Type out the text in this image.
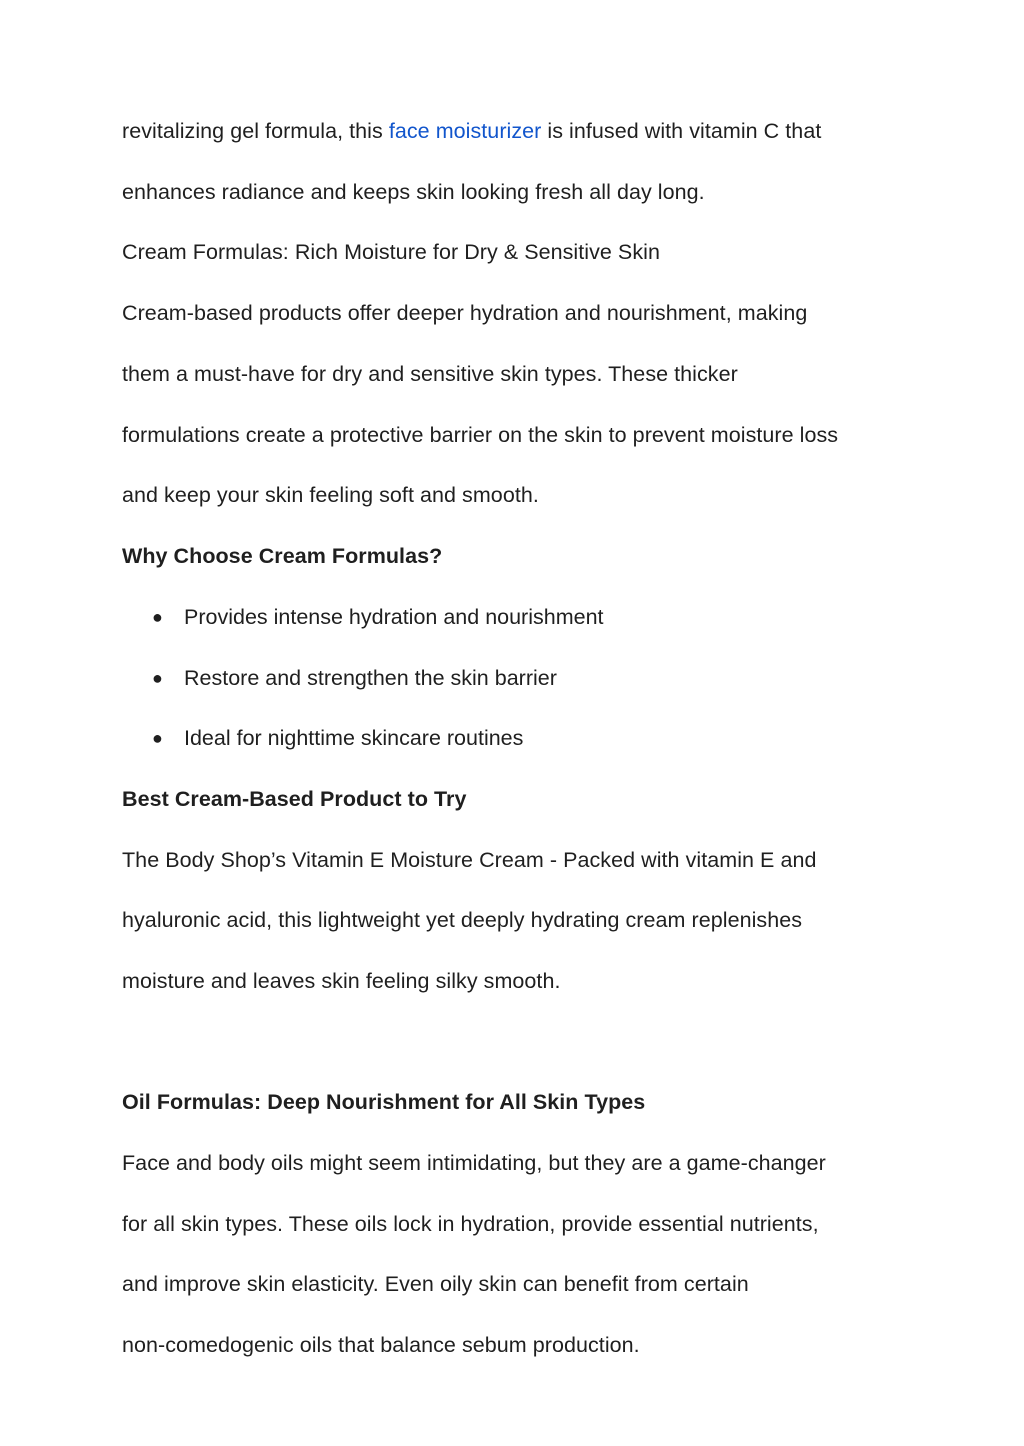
revitalizing gel formula, this face moisturizer is infused with vitamin C that
enhances radiance and keeps skin looking fresh all day long.
Cream Formulas: Rich Moisture for Dry & Sensitive Skin
Cream-based products offer deeper hydration and nourishment, making
them a must-have for dry and sensitive skin types. These thicker
formulations create a protective barrier on the skin to prevent moisture loss
and keep your skin feeling soft and smooth.
Why Choose Cream Formulas?
● Provides intense hydration and nourishment
● Restore and strengthen the skin barrier
● Ideal for nighttime skincare routines
Best Cream-Based Product to Try
The Body Shop’s Vitamin E Moisture Cream - Packed with vitamin E and
hyaluronic acid, this lightweight yet deeply hydrating cream replenishes
moisture and leaves skin feeling silky smooth.
Oil Formulas: Deep Nourishment for All Skin Types
Face and body oils might seem intimidating, but they are a game-changer
for all skin types. These oils lock in hydration, provide essential nutrients,
and improve skin elasticity. Even oily skin can benefit from certain
non-comedogenic oils that balance sebum production.
